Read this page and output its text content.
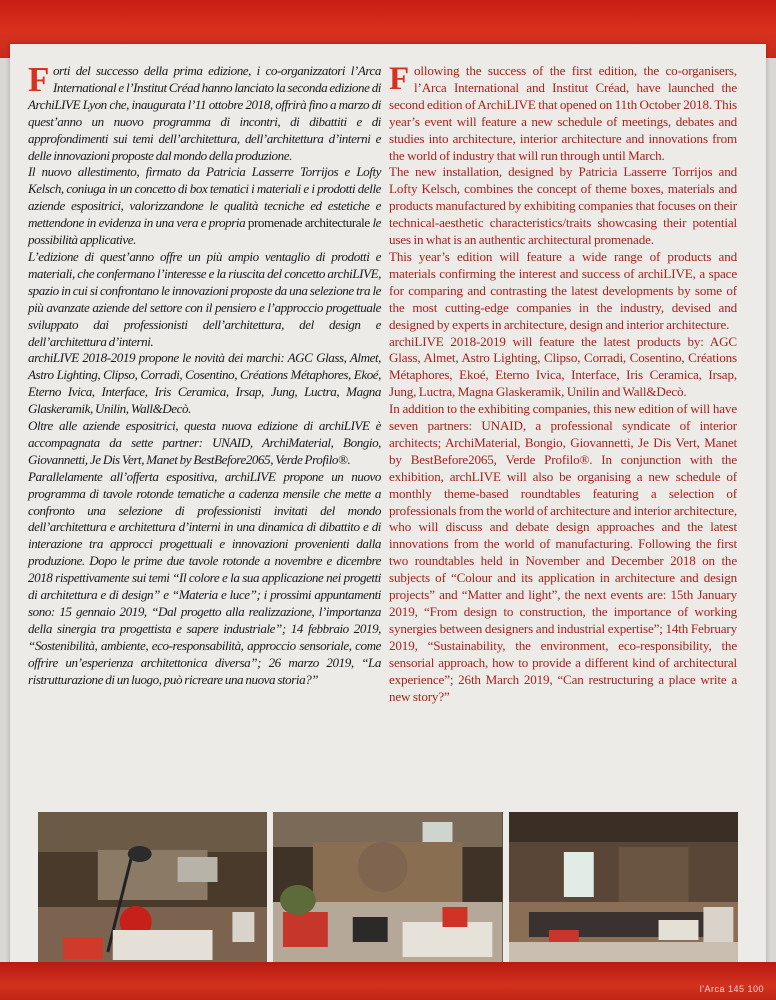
Forti del successo della prima edizione, i co-organizzatori l’Arca International e l’Institut Créad hanno lanciato la seconda edizione di ArchiLIVE Lyon che, inaugurata l’11 ottobre 2018, offrirà fino a marzo di quest’anno un nuovo programma di incontri, di dibattiti e di approfondimenti sui temi dell’architettura, dell’architettura d’interni e delle innovazioni proposte dal mondo della produzione.

Il nuovo allestimento, firmato da Patricia Lasserre Torrijos e Lofty Kelsch, coniuga in un concetto di box tematici i materiali e i prodotti delle aziende espositrici, valorizzandone le qualità tecniche ed estetiche e mettendone in evidenza in una vera e propria promenade architecturale le possibilità applicative.

L’edizione di quest’anno offre un più ampio ventaglio di prodotti e materiali, che confermano l’interesse e la riuscita del concetto archiLIVE, spazio in cui si confrontano le innovazioni proposte da una selezione tra le più avanzate aziende del settore con il pensiero e l’approccio progettuale sviluppato dai professionisti dell’architettura, del design e dell’architettura d’interni.

archiLIVE 2018-2019 propone le novità dei marchi: AGC Glass, Almet, Astro Lighting, Clipso, Corradi, Cosentino, Créations Métaphores, Ekoé, Eterno Ivica, Interface, Iris Ceramica, Irsap, Jung, Luctra, Magna Glaskeramik, Unilin, Wall&Decò.

Oltre alle aziende espositrici, questa nuova edizione di archiLIVE è accompagnata da sette partner: UNAID, ArchiMaterial, Bongio, Giovannetti, Je Dis Vert, Manet by BestBefore2065, Verde Profilo®.

Parallelamente all’offerta espositiva, archiLIVE propone un nuovo programma di tavole rotonde tematiche a cadenza mensile che mette a confronto una selezione di professionisti invitati del mondo dell’architettura e architettura d’interni in una dinamica di dibattito e di interazione tra approcci progettuali e innovazioni provenienti dalla produzione. Dopo le prime due tavole rotonde a novembre e dicembre 2018 rispettivamente sui temi “Il colore e la sua applicazione nei progetti di architettura e di design” e “Materia e luce”; i prossimi appuntamenti sono: 15 gennaio 2019, “Dal progetto alla realizzazione, l’importanza della sinergia tra progettista e sapere industriale”; 14 febbraio 2019, “Sostenibilità, ambiente, eco-responsabilità, approccio sensoriale, come offrire un’esperienza architettonica diversa”; 26 marzo 2019, “La ristrutturazione di un luogo, può ricreare una nuova storia?”

Following the success of the first edition, the co-organisers, l’Arca International and Institut Créad, have launched the second edition of ArchiLIVE that opened on 11th October 2018. This year’s event will feature a new schedule of meetings, debates and studies into architecture, interior architecture and innovations from the world of industry that will run through until March.

The new installation, designed by Patricia Lasserre Torrijos and Lofty Kelsch, combines the concept of theme boxes, materials and products manufactured by exhibiting companies that focuses on their technical-aesthetic characteristics/traits showcasing their potential uses in what is an authentic architectural promenade.

This year’s edition will feature a wide range of products and materials confirming the interest and success of archiLIVE, a space for comparing and contrasting the latest developments by some of the most cutting-edge companies in the industry, devised and designed by experts in architecture, design and interior architecture.

archiLIVE 2018-2019 will feature the latest products by: AGC Glass, Almet, Astro Lighting, Clipso, Corradi, Cosentino, Créations Métaphores, Ekoé, Eterno Ivica, Interface, Iris Ceramica, Irsap, Jung, Luctra, Magna Glaskeramik, Unilin and Wall&Decò.

In addition to the exhibiting companies, this new edition of will have seven partners: UNAID, a professional syndicate of interior architects; ArchiMaterial, Bongio, Giovannetti, Je Dis Vert, Manet by BestBefore2065, Verde Profilo®. In conjunction with the exhibition, archLIVE will also be organising a new schedule of monthly theme-based roundtables featuring a selection of professionals from the world of architecture and interior architecture, who will discuss and debate design approaches and the latest innovations from the world of manufacturing. Following the first two roundtables held in November and December 2018 on the subjects of “Colour and its application in architecture and design projects” and “Matter and light”, the next events are: 15th January 2019, “From design to construction, the importance of working synergies between designers and industrial expertise”; 14th February 2019, “Sustainability, the environment, eco-responsibility, the sensorial approach, how to provide a different kind of architectural experience”; 26th March 2019, “Can restructuring a place write a new story?”

l'Arca 145 100
